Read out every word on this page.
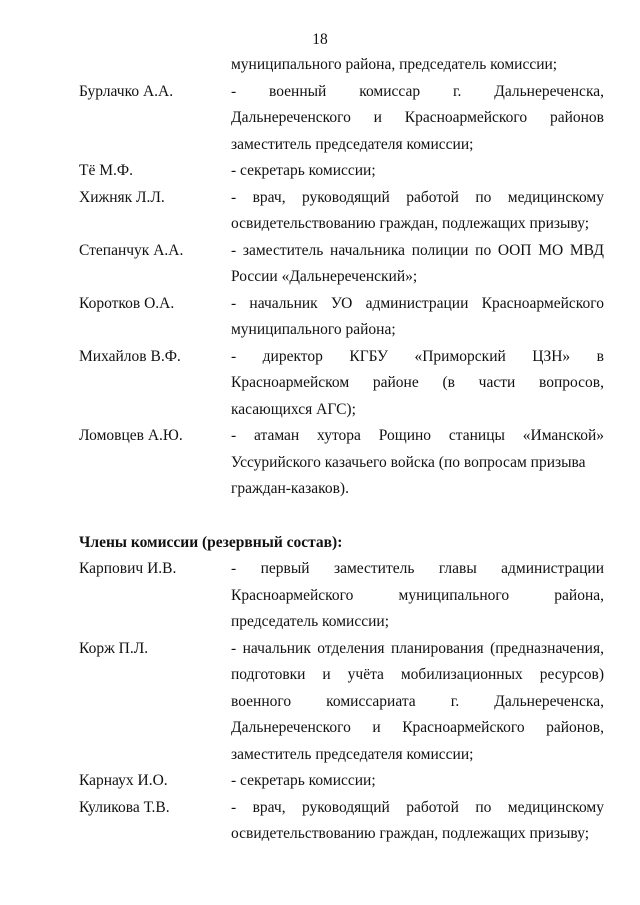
18
муниципального района, председатель комиссии;
Бурлачко А.А.	- военный комиссар г. Дальнереченска,
Дальнереченского и Красноармейского районов
заместитель председателя комиссии;
Тё М.Ф.	- секретарь комиссии;
Хижняк Л.Л.	- врач, руководящий работой по медицинскому
освидетельствованию граждан, подлежащих призыву;
Степанчук А.А.	- заместитель начальника полиции по ООП МО МВД
России «Дальнереченский»;
Коротков О.А.	- начальник УО администрации Красноармейского
муниципального района;
Михайлов В.Ф.	- директор КГБУ «Приморский ЦЗН» в
Красноармейском районе (в части вопросов,
касающихся АГС);
Ломовцев А.Ю.	- атаман хутора Рощино станицы «Иманской»
Уссурийского казачьего войска (по вопросам призыва
граждан-казаков).
Члены комиссии (резервный состав):
Карпович И.В.	- первый заместитель главы администрации
Красноармейского муниципального района,
председатель комиссии;
Корж П.Л.	- начальник отделения планирования (предназначения,
подготовки и учёта мобилизационных ресурсов)
военного комиссариата г. Дальнереченска,
Дальнереченского и Красноармейского районов,
заместитель председателя комиссии;
Карнаух И.О.	- секретарь комиссии;
Куликова Т.В.	- врач, руководящий работой по медицинскому
освидетельствованию граждан, подлежащих призыву;
